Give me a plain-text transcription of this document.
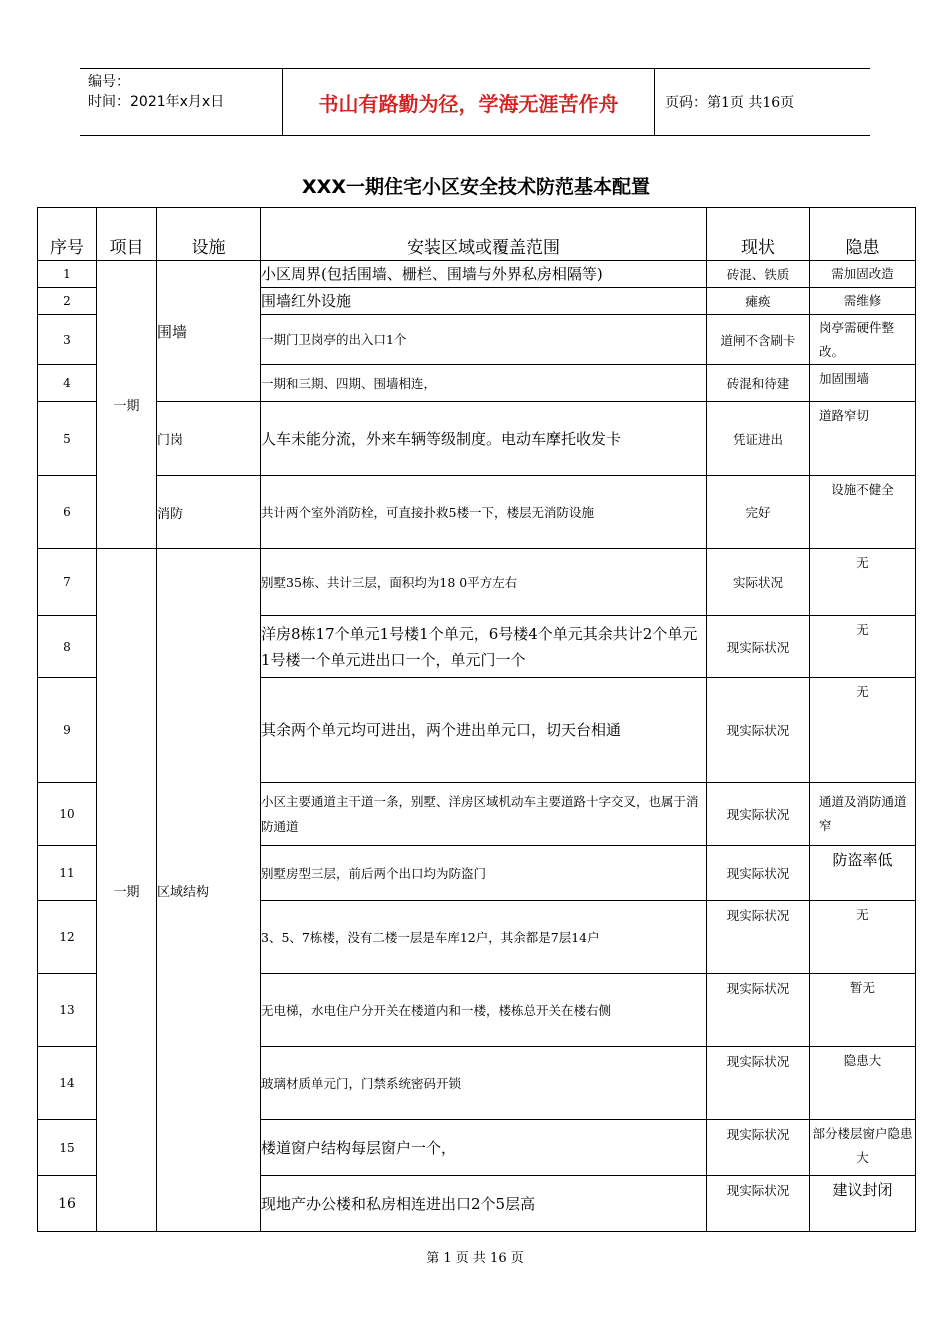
编号：
时间：2021年x月x日	书山有路勤为径，学海无涯苦作舟	页码：第1页 共16页
XXX一期住宅小区安全技术防范基本配置
序号	项目	设施	安装区域或覆盖范围	现状	隐患
1	一期	围墙	小区周界(包括围墙、栅栏、围墙与外界私房相隔等)	砖混、铁质	需加固改造
2			围墙红外设施	瘫痪	需维修
3			一期门卫岗亭的出入口1个	道闸不含刷卡	岗亭需硬件整改。
4			一期和三期、四期、围墙相连，	砖混和待建	加固围墙
5		门岗	人车未能分流，外来车辆等级制度。电动车摩托收发卡	凭证进出	道路窄切
6		消防	共计两个室外消防栓，可直接扑救5楼一下，楼层无消防设施	完好	设施不健全
7	一期	区域结构	别墅35栋、共计三层，面积均为18 0平方左右	实际状况	无
8			洋房8栋17个单元1号楼1个单元，6号楼4个单元其余共计2个单元1号楼一个单元进出口一个，单元门一个	现实际状况	无
9			其余两个单元均可进出，两个进出单元口，切天台相通	现实际状况	无
10			小区主要通道主干道一条，别墅、洋房区域机动车主要道路十字交叉，也属于消防通道	现实际状况	通道及消防通道窄
11			别墅房型三层，前后两个出口均为防盗门	现实际状况	防盗率低
12			3、5、7栋楼，没有二楼一层是车库12户，其余都是7层14户	现实际状况	无
13			无电梯，水电住户分开关在楼道内和一楼，楼栋总开关在楼右侧	现实际状况	暂无
14			玻璃材质单元门，门禁系统密码开锁	现实际状况	隐患大
15			楼道窗户结构每层窗户一个，	现实际状况	部分楼层窗户隐患大
16			现地产办公楼和私房相连进出口2个5层高	现实际状况	建议封闭
第 1 页 共 16 页
